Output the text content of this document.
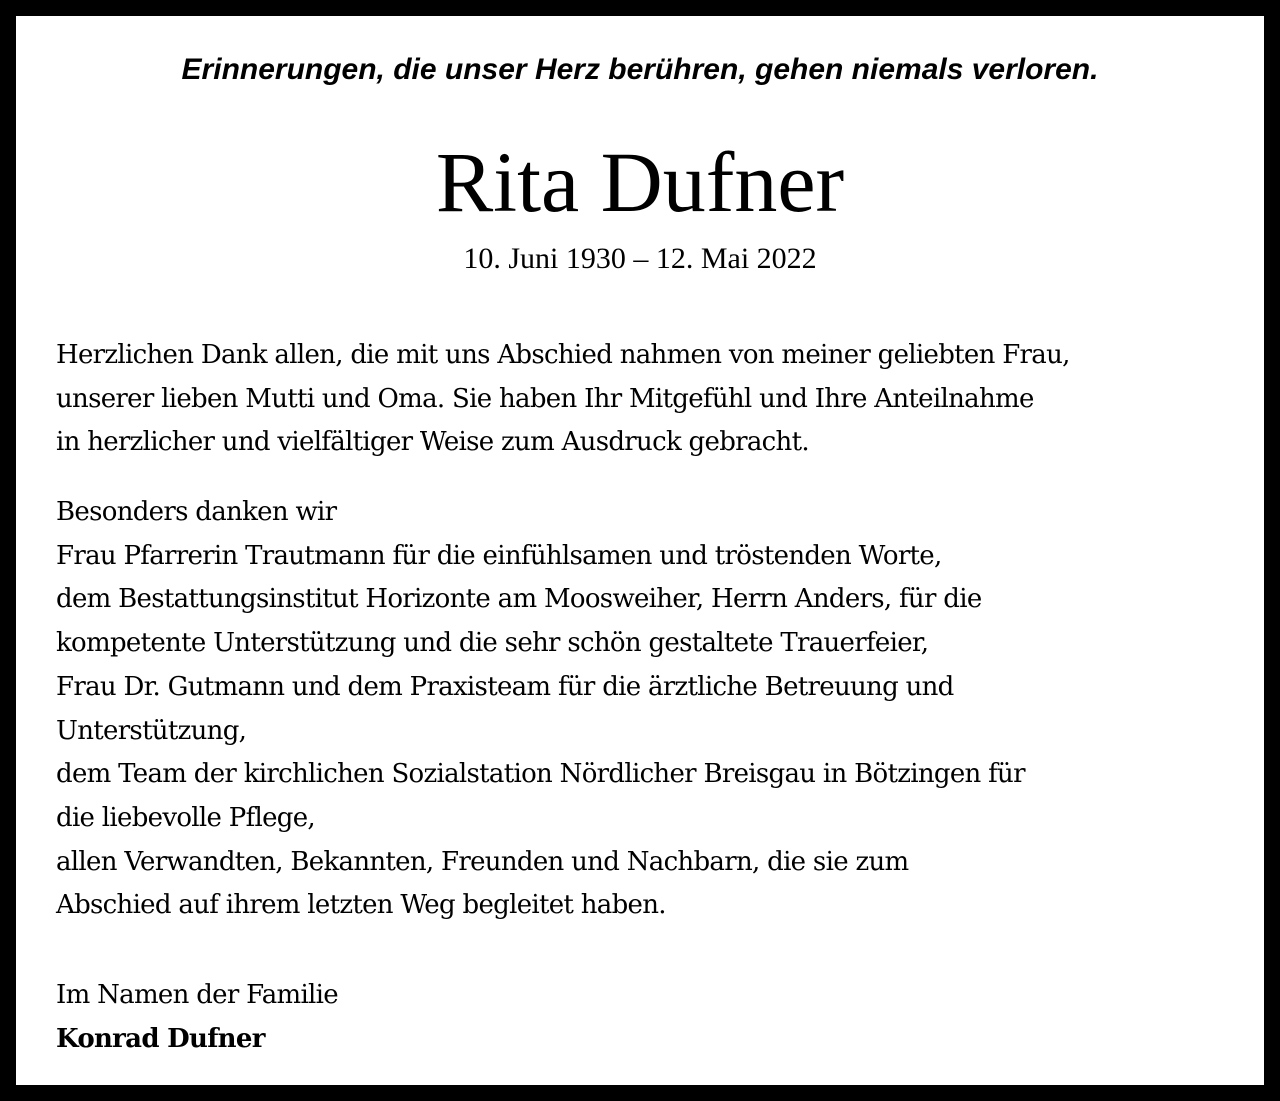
Erinnerungen, die unser Herz berühren, gehen niemals verloren.
Rita Dufner
10. Juni 1930 – 12. Mai 2022
Herzlichen Dank allen, die mit uns Abschied nahmen von meiner geliebten Frau,
unserer lieben Mutti und Oma. Sie haben Ihr Mitgefühl und Ihre Anteilnahme
in herzlicher und vielfältiger Weise zum Ausdruck gebracht.
Besonders danken wir
Frau Pfarrerin Trautmann für die einfühlsamen und tröstenden Worte,
dem Bestattungsinstitut Horizonte am Moosweiher, Herrn Anders, für die
kompetente Unterstützung und die sehr schön gestaltete Trauerfeier,
Frau Dr. Gutmann und dem Praxisteam für die ärztliche Betreuung und
Unterstützung,
dem Team der kirchlichen Sozialstation Nördlicher Breisgau in Bötzingen für
die liebevolle Pflege,
allen Verwandten, Bekannten, Freunden und Nachbarn, die sie zum
Abschied auf ihrem letzten Weg begleitet haben.
Im Namen der Familie
Konrad Dufner
